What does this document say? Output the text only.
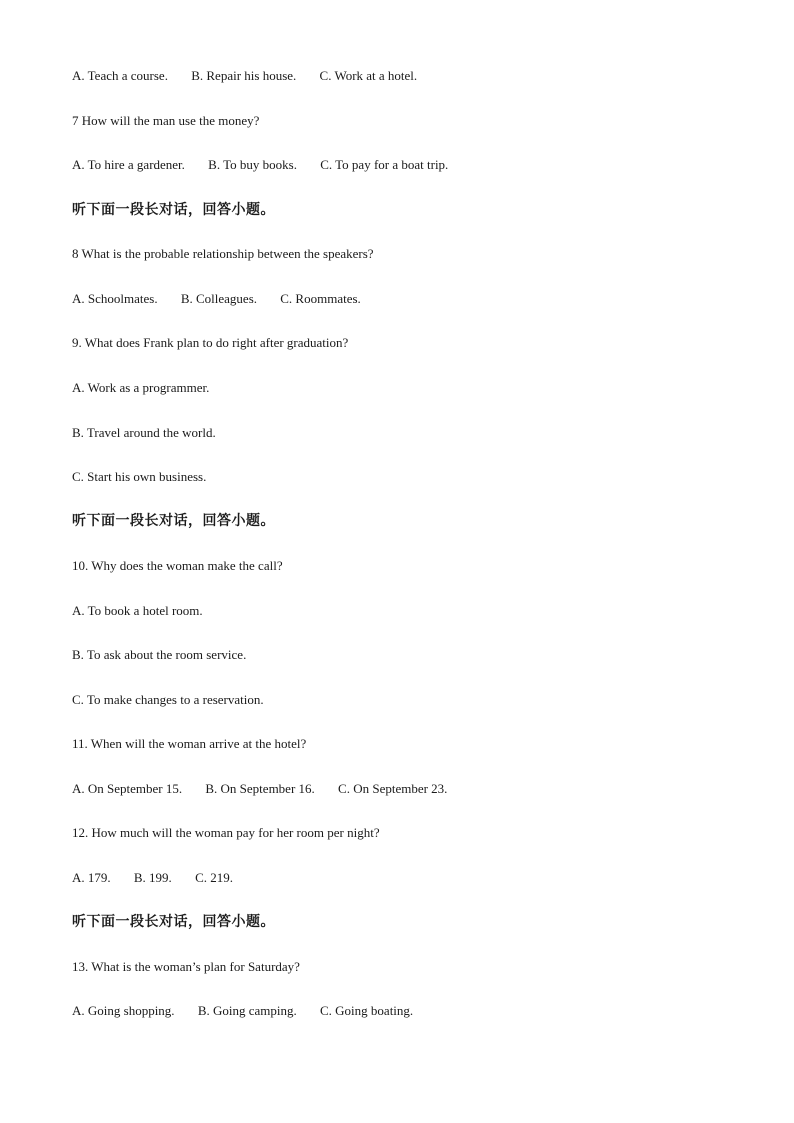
A. Teach a course. B. Repair his house. C. Work at a hotel.
7 How will the man use the money?
A. To hire a gardener. B. To buy books. C. To pay for a boat trip.
听下面一段长对话，回答小题。
8 What is the probable relationship between the speakers?
A. Schoolmates. B. Colleagues. C. Roommates.
9. What does Frank plan to do right after graduation?
A. Work as a programmer.
B. Travel around the world.
C. Start his own business.
听下面一段长对话，回答小题。
10. Why does the woman make the call?
A. To book a hotel room.
B. To ask about the room service.
C. To make changes to a reservation.
11. When will the woman arrive at the hotel?
A. On September 15. B. On September 16. C. On September 23.
12. How much will the woman pay for her room per night?
A. 179. B. 199. C. 219.
听下面一段长对话，回答小题。
13. What is the woman’s plan for Saturday?
A. Going shopping. B. Going camping. C. Going boating.
